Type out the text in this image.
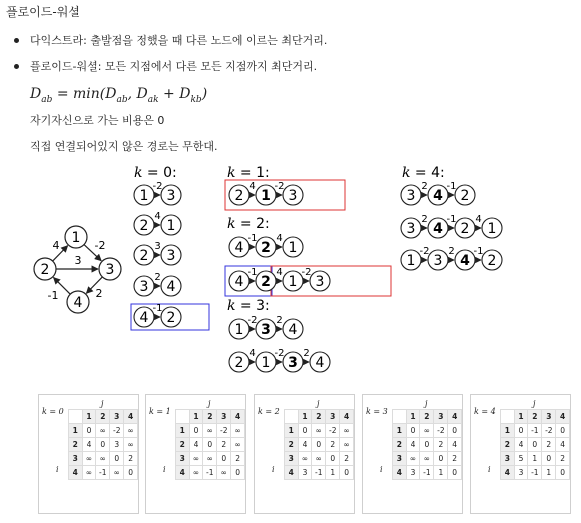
플로이드-워셜
다익스트라: 출발점을 정했을 때 다른 노드에 이르는 최단거리.
플로이드-워셜: 모든 지점에서 다른 모든 지점까지 최단거리.
$D_{ab} = \min(D_{ab}$, $D_{ak} + D_{kb}$)
자기자신으로 가는 비용은 0
직접 연결되어있지 않은 경로는 무한대.
4	-2
3
2
-1
1
2	3
4
1
-2
3
2
4
1
2
3
3
3
2
4
4
-1
2
2
4
1
-2
3
4
-1
2
4
1
4
-1
2
4
1
-2
3
1
-2
3
2
4
2
4
1
-2
3
2
4
3
2
4
-1
2
3
2
4
-1
2
4
1
1
-2
3
2
4
-1
2
k = 0:	k = 1:
k = 2:
k = 3:
k = 4:
k = 0
j
i
	1	2	3	4
1	0	∞	-2	∞
2	4	0	3	∞
3	∞	∞	0	2
4	∞	-1	∞	0
k = 1
j
i
	1	2	3	4
1	0	∞	-2	∞
2	4	0	2	∞
3	∞	∞	0	2
4	∞	-1	∞	0
k = 2
j
i
	1	2	3	4
1	0	∞	-2	∞
2	4	0	2	∞
3	∞	∞	0	2
4	3	-1	1	0
k = 3
j
i
	1	2	3	4
1	0	∞	-2	0
2	4	0	2	4
3	∞	∞	0	2
4	3	-1	1	0
k = 4
j
i
	1	2	3	4
1	0	-1	-2	0
2	4	0	2	4
3	5	1	0	2
4	3	-1	1	0
